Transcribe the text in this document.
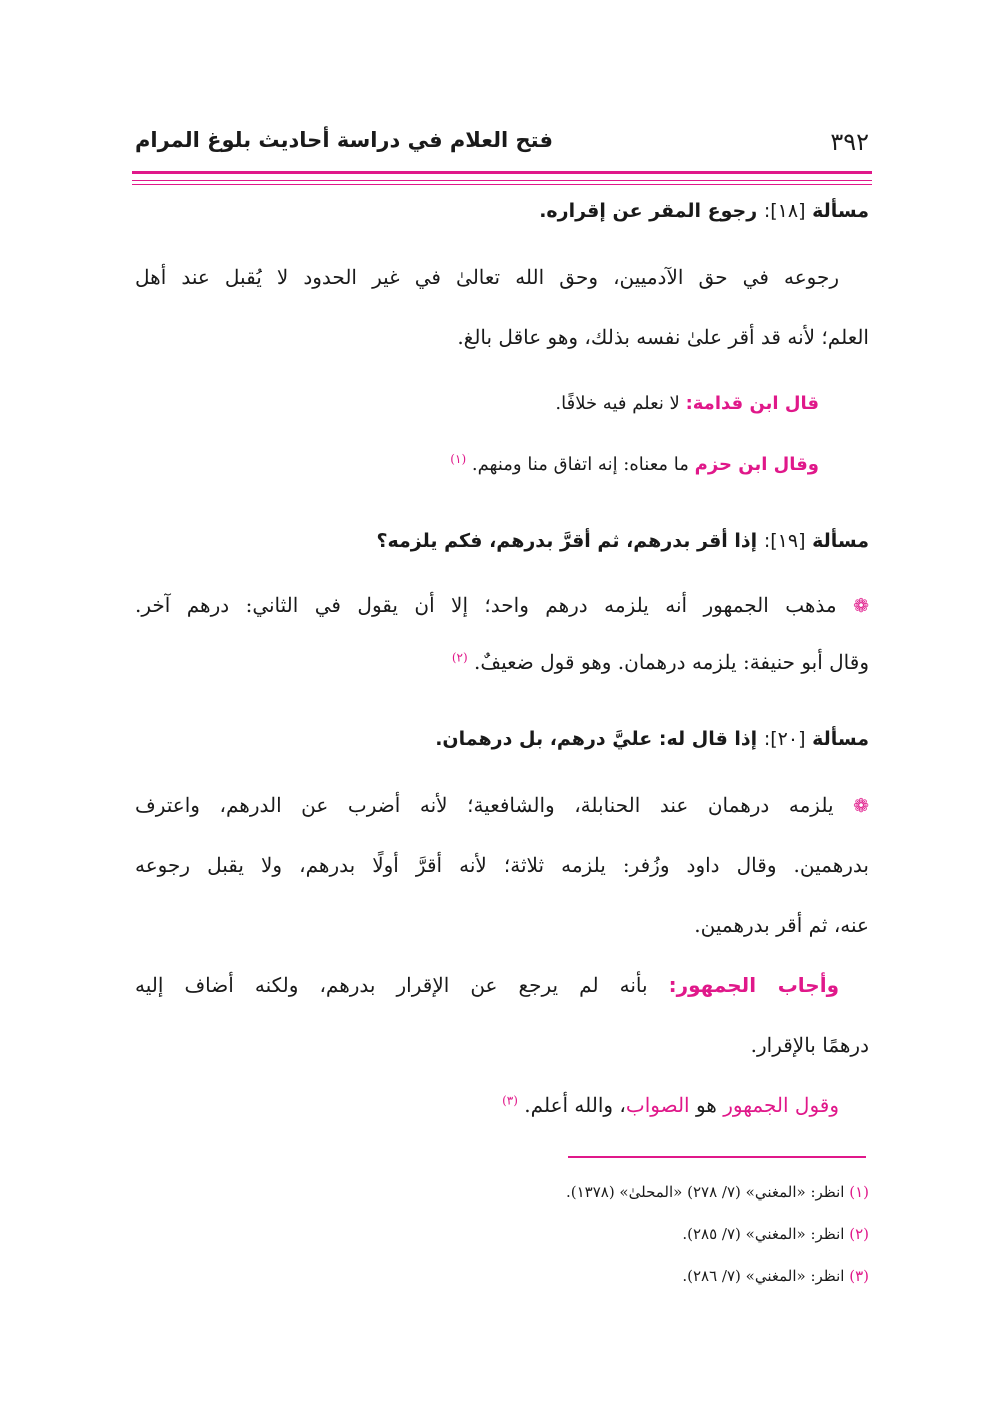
٣٩٢
فتح العلام في دراسة أحاديث بلوغ المرام
مسألة [١٨]: رجوع المقر عن إقراره.
رجوعه في حق الآدميين، وحق الله تعالىٰ في غير الحدود لا يُقبل عند أهل
العلم؛ لأنه قد أقر علىٰ نفسه بذلك، وهو عاقل بالغ.
قال ابن قدامة: لا نعلم فيه خلافًا.
وقال ابن حزم ما معناه: إنه اتفاق منا ومنهم. $^{(١)}$
مسألة [١٩]: إذا أقر بدرهم، ثم أقرَّ بدرهم، فكم يلزمه؟
❁ مذهب الجمهور أنه يلزمه درهم واحد؛ إلا أن يقول في الثاني: درهم آخر.
وقال أبو حنيفة: يلزمه درهمان. وهو قول ضعيفٌ. $^{(٢)}$
مسألة [٢٠]: إذا قال له: عليَّ درهم، بل درهمان.
❁ يلزمه درهمان عند الحنابلة، والشافعية؛ لأنه أضرب عن الدرهم، واعترف
بدرهمين. وقال داود وزُفر: يلزمه ثلاثة؛ لأنه أقرَّ أولًا بدرهم، ولا يقبل رجوعه
عنه، ثم أقر بدرهمين.
وأجاب الجمهور: بأنه لم يرجع عن الإقرار بدرهم، ولكنه أضاف إليه
درهمًا بالإقرار.
وقول الجمهور هو الصواب، والله أعلم. $^{(٣)}$
(١) انظر: «المغني» (٧/ ٢٧٨) «المحلىٰ» (١٣٧٨).
(٢) انظر: «المغني» (٧/ ٢٨٥).
(٣) انظر: «المغني» (٧/ ٢٨٦).
